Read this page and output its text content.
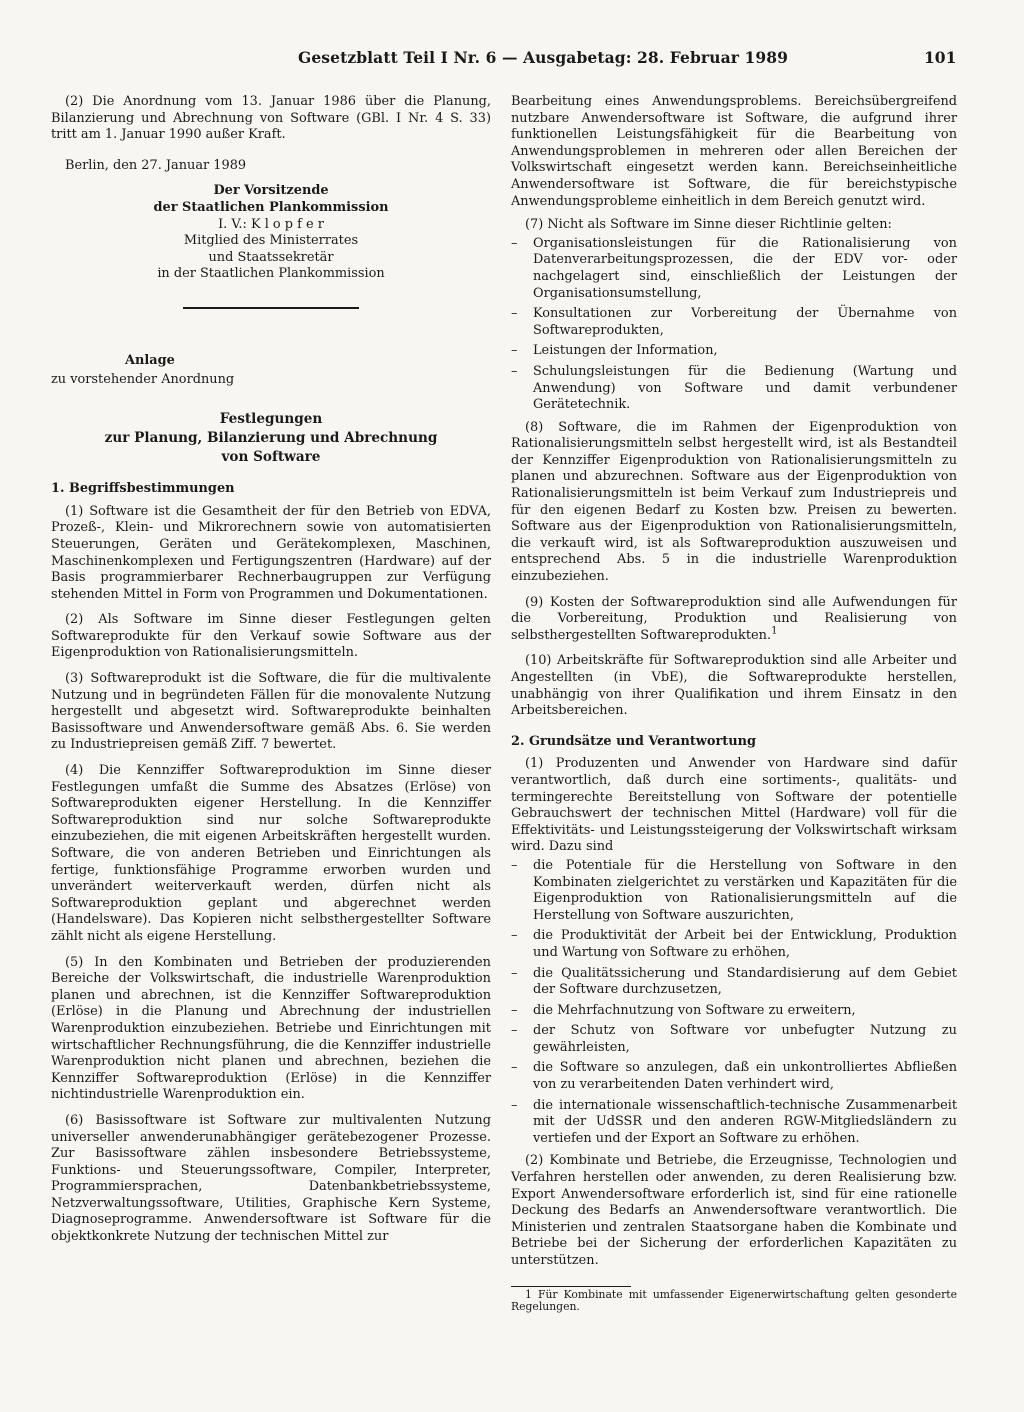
Gesetzblatt Teil I Nr. 6 — Ausgabetag: 28. Februar 1989	101

(2) Die Anordnung vom 13. Januar 1986 über die Planung, Bilanzierung und Abrechnung von Software (GBl. I Nr. 4 S. 33) tritt am 1. Januar 1990 außer Kraft.

Berlin, den 27. Januar 1989

Der Vorsitzende
der Staatlichen Plankommission
I. V.: K l o p f e r
Mitglied des Ministerrates
und Staatssekretär
in der Staatlichen Plankommission
Anlage
zu vorstehender Anordnung
Festlegungen
zur Planung, Bilanzierung und Abrechnung
von Software
1. Begriffsbestimmungen

(1) Software ist die Gesamtheit der für den Betrieb von EDVA, Prozeß-, Klein- und Mikrorechnern sowie von automatisierten Steuerungen, Geräten und Gerätekomplexen, Maschinen, Maschinenkomplexen und Fertigungszentren (Hardware) auf der Basis programmierbarer Rechnerbaugruppen zur Verfügung stehenden Mittel in Form von Programmen und Dokumentationen.

(2) Als Software im Sinne dieser Festlegungen gelten Softwareprodukte für den Verkauf sowie Software aus der Eigenproduktion von Rationalisierungsmitteln.

(3) Softwareprodukt ist die Software, die für die multivalente Nutzung und in begründeten Fällen für die monovalente Nutzung hergestellt und abgesetzt wird. Softwareprodukte beinhalten Basissoftware und Anwendersoftware gemäß Abs. 6. Sie werden zu Industriepreisen gemäß Ziff. 7 bewertet.

(4) Die Kennziffer Softwareproduktion im Sinne dieser Festlegungen umfaßt die Summe des Absatzes (Erlöse) von Softwareprodukten eigener Herstellung. In die Kennziffer Softwareproduktion sind nur solche Softwareprodukte einzubeziehen, die mit eigenen Arbeitskräften hergestellt wurden. Software, die von anderen Betrieben und Einrichtungen als fertige, funktionsfähige Programme erworben wurden und unverändert weiterverkauft werden, dürfen nicht als Softwareproduktion geplant und abgerechnet werden (Handelsware). Das Kopieren nicht selbsthergestellter Software zählt nicht als eigene Herstellung.

(5) In den Kombinaten und Betrieben der produzierenden Bereiche der Volkswirtschaft, die industrielle Warenproduktion planen und abrechnen, ist die Kennziffer Softwareproduktion (Erlöse) in die Planung und Abrechnung der industriellen Warenproduktion einzubeziehen. Betriebe und Einrichtungen mit wirtschaftlicher Rechnungsführung, die die Kennziffer industrielle Warenproduktion nicht planen und abrechnen, beziehen die Kennziffer Softwareproduktion (Erlöse) in die Kennziffer nichtindustrielle Warenproduktion ein.

(6) Basissoftware ist Software zur multivalenten Nutzung universeller anwenderunabhängiger gerätebezogener Prozesse. Zur Basissoftware zählen insbesondere Betriebssysteme, Funktions- und Steuerungssoftware, Compiler, Interpreter, Programmiersprachen, Datenbankbetriebssysteme, Netzverwaltungssoftware, Utilities, Graphische Kern Systeme, Diagnoseprogramme. Anwendersoftware ist Software für die objektkonkrete Nutzung der technischen Mittel zur

Bearbeitung eines Anwendungsproblems. Bereichsübergreifend nutzbare Anwendersoftware ist Software, die aufgrund ihrer funktionellen Leistungsfähigkeit für die Bearbeitung von Anwendungsproblemen in mehreren oder allen Bereichen der Volkswirtschaft eingesetzt werden kann. Bereichseinheitliche Anwendersoftware ist Software, die für bereichstypische Anwendungsprobleme einheitlich in dem Bereich genutzt wird.

(7) Nicht als Software im Sinne dieser Richtlinie gelten:

– Organisationsleistungen für die Rationalisierung von Datenverarbeitungsprozessen, die der EDV vor- oder nachgelagert sind, einschließlich der Leistungen der Organisationsumstellung,
– Konsultationen zur Vorbereitung der Übernahme von Softwareprodukten,
– Leistungen der Information,
– Schulungsleistungen für die Bedienung (Wartung und Anwendung) von Software und damit verbundener Gerätetechnik.

(8) Software, die im Rahmen der Eigenproduktion von Rationalisierungsmitteln selbst hergestellt wird, ist als Bestandteil der Kennziffer Eigenproduktion von Rationalisierungsmitteln zu planen und abzurechnen. Software aus der Eigenproduktion von Rationalisierungsmitteln ist beim Verkauf zum Industriepreis und für den eigenen Bedarf zu Kosten bzw. Preisen zu bewerten. Software aus der Eigenproduktion von Rationalisierungsmitteln, die verkauft wird, ist als Softwareproduktion auszuweisen und entsprechend Abs. 5 in die industrielle Warenproduktion einzubeziehen.

(9) Kosten der Softwareproduktion sind alle Aufwendungen für die Vorbereitung, Produktion und Realisierung von selbsthergestellten Softwareprodukten.$^1$

(10) Arbeitskräfte für Softwareproduktion sind alle Arbeiter und Angestellten (in VbE), die Softwareprodukte herstellen, unabhängig von ihrer Qualifikation und ihrem Einsatz in den Arbeitsbereichen.

2. Grundsätze und Verantwortung

(1) Produzenten und Anwender von Hardware sind dafür verantwortlich, daß durch eine sortiments-, qualitäts- und termingerechte Bereitstellung von Software der potentielle Gebrauchswert der technischen Mittel (Hardware) voll für die Effektivitäts- und Leistungssteigerung der Volkswirtschaft wirksam wird. Dazu sind

– die Potentiale für die Herstellung von Software in den Kombinaten zielgerichtet zu verstärken und Kapazitäten für die Eigenproduktion von Rationalisierungsmitteln auf die Herstellung von Software auszurichten,
– die Produktivität der Arbeit bei der Entwicklung, Produktion und Wartung von Software zu erhöhen,
– die Qualitätssicherung und Standardisierung auf dem Gebiet der Software durchzusetzen,
– die Mehrfachnutzung von Software zu erweitern,
– der Schutz von Software vor unbefugter Nutzung zu gewährleisten,
– die Software so anzulegen, daß ein unkontrolliertes Abfließen von zu verarbeitenden Daten verhindert wird,
– die internationale wissenschaftlich-technische Zusammenarbeit mit der UdSSR und den anderen RGW-Mitgliedsländern zu vertiefen und der Export an Software zu erhöhen.

(2) Kombinate und Betriebe, die Erzeugnisse, Technologien und Verfahren herstellen oder anwenden, zu deren Realisierung bzw. Export Anwendersoftware erforderlich ist, sind für eine rationelle Deckung des Bedarfs an Anwendersoftware verantwortlich. Die Ministerien und zentralen Staatsorgane haben die Kombinate und Betriebe bei der Sicherung der erforderlichen Kapazitäten zu unterstützen.

1 Für Kombinate mit umfassender Eigenerwirtschaftung gelten gesonderte Regelungen.
